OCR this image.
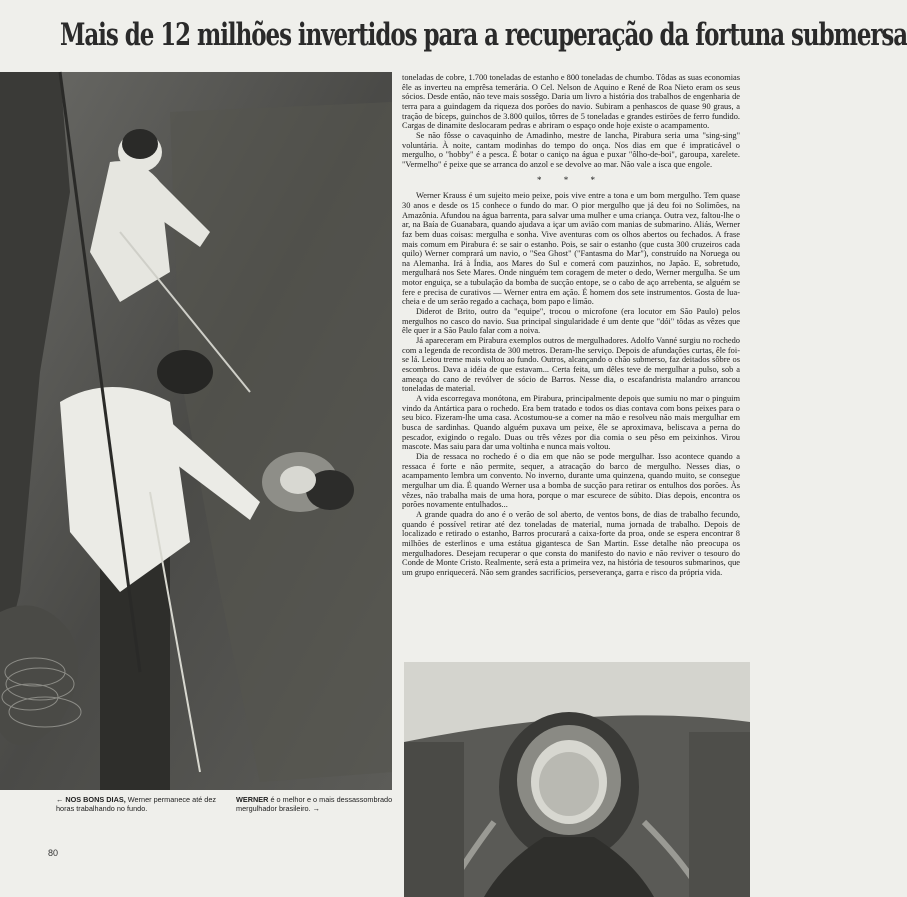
Mais de 12 milhões invertidos para a recuperação da fortuna submersa

toneladas de cobre, 1.700 toneladas de estanho e 800 toneladas de chumbo. Tôdas as suas economias êle as inverteu na emprêsa temerária. O Cel. Nelson de Aquino e René de Roa Nieto eram os seus sócios. Desde então, não teve mais sossêgo. Daria um livro a história dos trabalhos de engenharia de terra para a guindagem da riqueza dos porões do navio. Subiram a penhascos de quase 90 graus, a tração de bíceps, guinchos de 3.800 quilos, tôrres de 5 toneladas e grandes estirões de ferro fundido. Cargas de dinamite deslocaram pedras e abriram o espaço onde hoje existe o acampamento.

Se não fôsse o cavaquinho de Amadinho, mestre de lancha, Pirabura seria uma "sing-sing" voluntária. À noite, cantam modinhas do tempo do onça. Nos dias em que é impraticável o mergulho, o "hobby" é a pesca. É botar o caniço na água e puxar "ôlho-de-boi", garoupa, xarelete. "Vermelho" é peixe que se arranca do anzol e se devolve ao mar. Não vale a isca que engole.

* * *

Werner Krauss é um sujeito meio peixe, pois vive entre a tona e um bom mergulho. Tem quase 30 anos e desde os 15 conhece o fundo do mar. O pior mergulho que já deu foi no Solimões, na Amazônia. Afundou na água barrenta, para salvar uma mulher e uma criança. Outra vez, faltou-lhe o ar, na Baía de Guanabara, quando ajudava a içar um avião com manias de submarino. Aliás, Werner faz bem duas coisas: mergulha e sonha. Vive aventuras com os olhos abertos ou fechados. A frase mais comum em Pirabura é: se sair o estanho. Pois, se sair o estanho (que custa 300 cruzeiros cada quilo) Werner comprará um navio, o "Sea Ghost" ("Fantasma do Mar"), construído na Noruega ou na Alemanha. Irá à Índia, aos Mares do Sul e comerá com pauzinhos, no Japão. E, sobretudo, mergulhará nos Sete Mares. Onde ninguém tem coragem de meter o dedo, Werner mergulha. Se um motor enguiça, se a tubulação da bomba de sucção entope, se o cabo de aço arrebenta, se alguém se fere e precisa de curativos — Werner entra em ação. É homem dos sete instrumentos. Gosta de lua-cheia e de um serão regado a cachaça, bom papo e limão.

Diderot de Brito, outro da "equipe", trocou o microfone (era locutor em São Paulo) pelos mergulhos no casco do navio. Sua principal singularidade é um dente que "dói" tôdas as vêzes que êle quer ir a São Paulo falar com a noiva.

Já apareceram em Pirabura exemplos outros de mergulhadores. Adolfo Vanné surgiu no rochedo com a legenda de recordista de 300 metros. Deram-lhe serviço. Depois de afundações curtas, êle foi-se lá. Leiou treme mais voltou ao fundo. Outros, alcançando o chão submerso, faz deitados sôbre os escombros. Dava a idéia de que estavam... Certa feita, um dêles teve de mergulhar a pulso, sob a ameaça do cano de revólver de sócio de Barros. Nesse dia, o escafandrista malandro arrancou toneladas de material.

A vida escorregava monótona, em Pirabura, principalmente depois que sumiu no mar o pinguim vindo da Antártica para o rochedo. Era bem tratado e todos os dias contava com bons peixes para o seu bico. Fizeram-lhe uma casa. Acostumou-se a comer na mão e resolveu não mais mergulhar em busca de sardinhas. Quando alguém puxava um peixe, êle se aproximava, beliscava a perna do pescador, exigindo o regalo. Duas ou três vêzes por dia comia o seu pêso em peixinhos. Virou mascote. Mas saiu para dar uma voltinha e nunca mais voltou.

Dia de ressaca no rochedo é o dia em que não se pode mergulhar. Isso acontece quando a ressaca é forte e não permite, sequer, a atracação do barco de mergulho. Nesses dias, o acampamento lembra um convento. No inverno, durante uma quinzena, quando muito, se consegue mergulhar um dia. É quando Werner usa a bomba de sucção para retirar os entulhos dos porões. Às vêzes, não trabalha mais de uma hora, porque o mar escurece de súbito. Dias depois, encontra os porões novamente entulhados...

A grande quadra do ano é o verão de sol aberto, de ventos bons, de dias de trabalho fecundo, quando é possível retirar até dez toneladas de material, numa jornada de trabalho. Depois de localizado e retirado o estanho, Barros procurará a caixa-forte da proa, onde se espera encontrar 8 milhões de esterlinos e uma estátua gigantesca de San Martin. Esse detalhe não preocupa os mergulhadores. Desejam recuperar o que consta do manifesto do navio e não reviver o tesouro do Conde de Monte Cristo. Realmente, será esta a primeira vez, na história de tesouros submarinos, que um grupo enriquecerá. Não sem grandes sacrifícios, perseverança, garra e risco da própria vida.

← NOS BONS DIAS, Werner permanece até dez horas trabalhando no fundo.
WERNER é o melhor e o mais dessassombrado mergulhador brasileiro. →
80
